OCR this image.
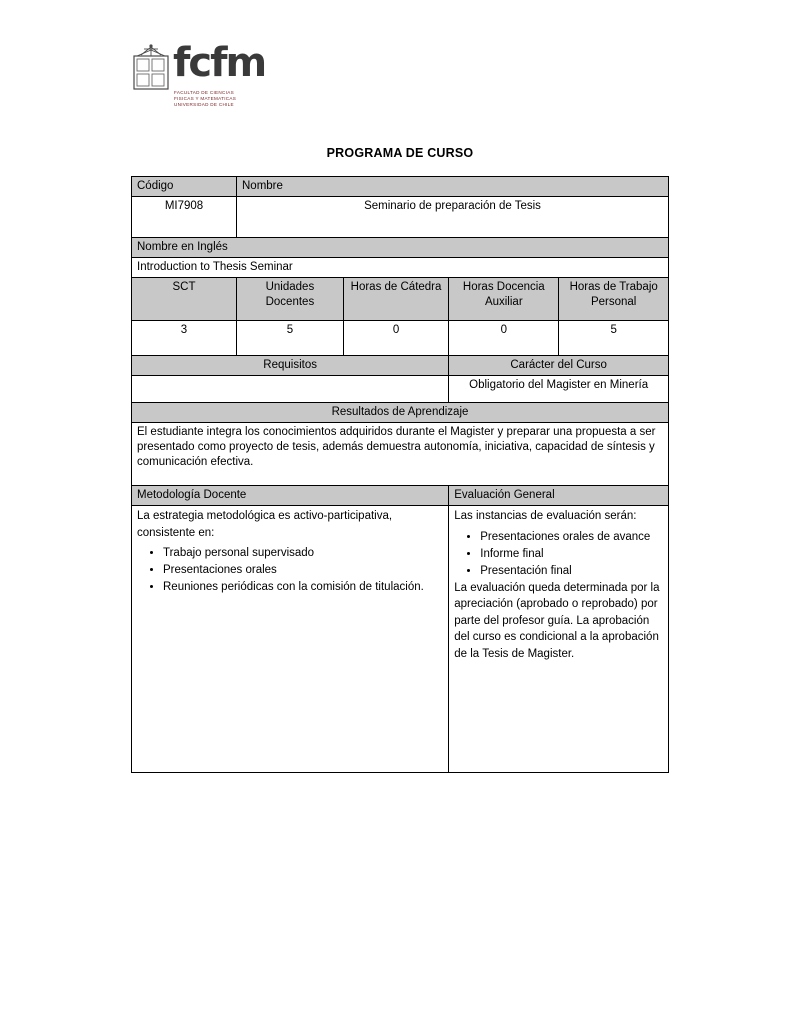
fcfm
FACULTAD DE CIENCIAS
FISICAS Y MATEMATICAS
UNIVERSIDAD DE CHILE
PROGRAMA DE CURSO
Código	Nombre			
MI7908	Seminario de preparación de Tesis			
Nombre en Inglés				
Introduction to Thesis Seminar				
SCT	Unidades Docentes	Horas de Cátedra	Horas Docencia Auxiliar	Horas de Trabajo Personal
3	5	0	0	5
Requisitos			Carácter del Curso	
			Obligatorio del Magister en Minería	
Resultados de Aprendizaje				
El estudiante integra los conocimientos adquiridos durante el Magister y preparar una propuesta a ser presentado como proyecto de tesis, además demuestra autonomía, iniciativa, capacidad de síntesis y comunicación efectiva.				
Metodología Docente			Evaluación General	

La estrategia metodológica es activo-participativa, consistente en:

• Trabajo personal supervisado
• Presentaciones orales
• Reuniones periódicas con la comisión de titulación.

Las instancias de evaluación serán:

• Presentaciones orales de avance
• Informe final
• Presentación final

La evaluación queda determinada por la apreciación (aprobado o reprobado) por parte del profesor guía. La aprobación del curso es condicional a la aprobación de la Tesis de Magister.
